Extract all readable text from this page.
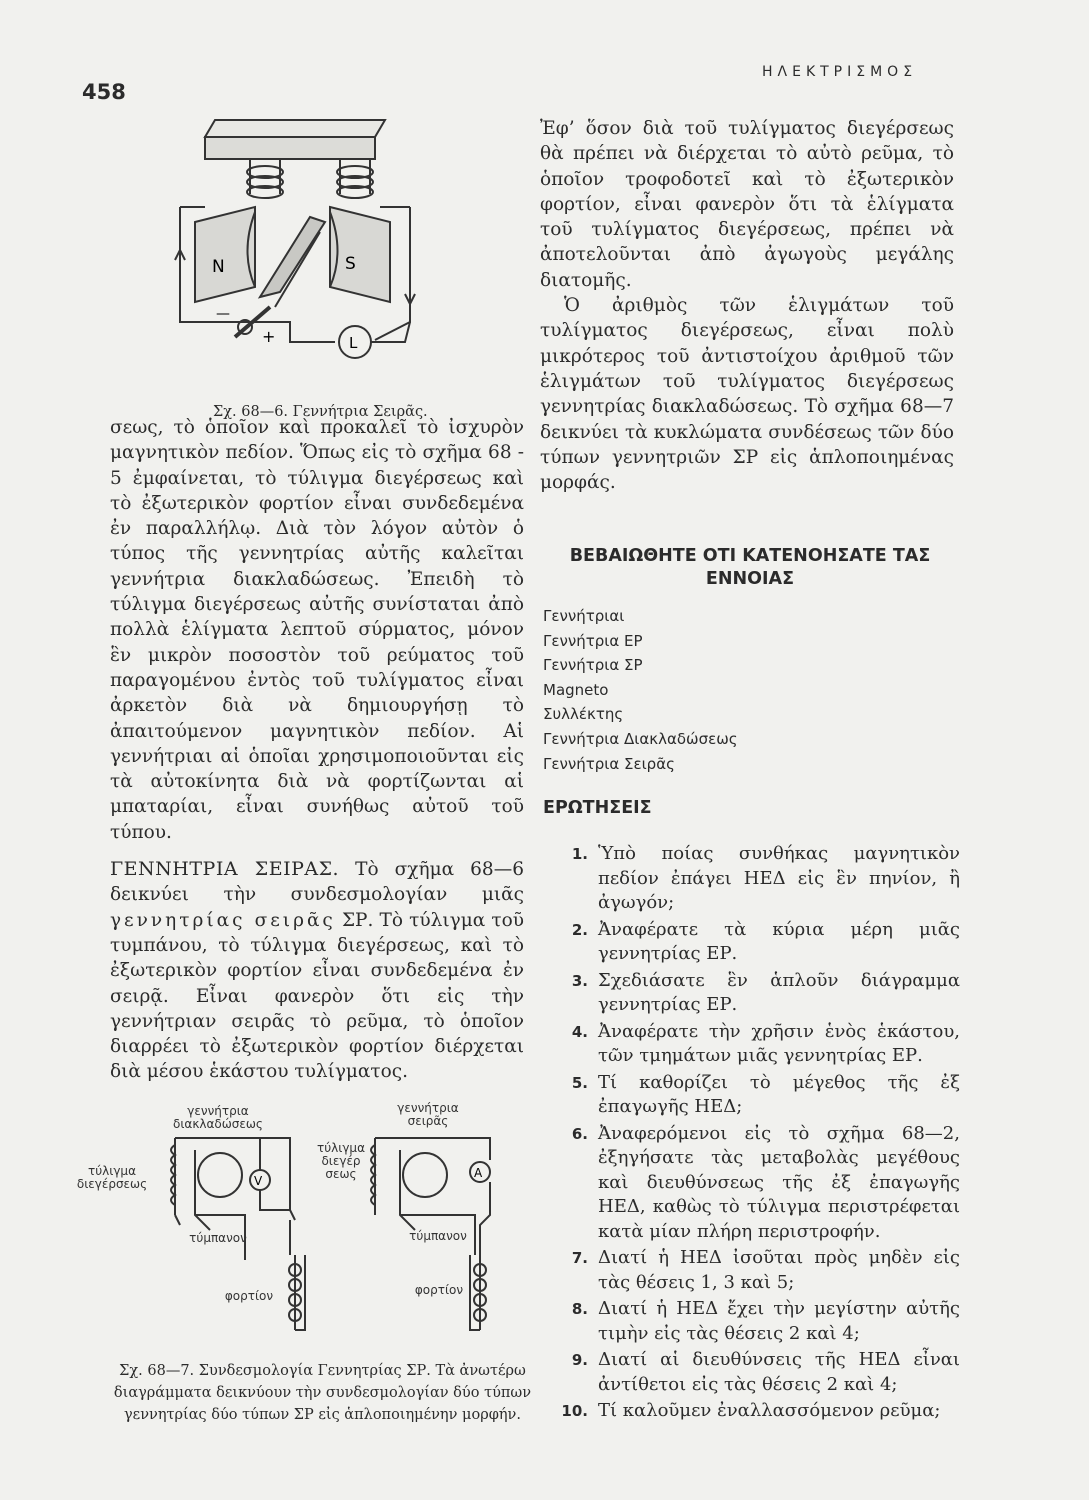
458
ΗΛΕΚΤΡΙΣΜΟΣ
N	S
L
—
+
Σχ. 68—6. Γεννήτρια Σειρᾶς.

σεως, τὸ ὁποῖον καὶ προκαλεῖ τὸ ἰσχυρὸν μαγνητικὸν πεδίον. Ὅπως εἰς τὸ σχῆμα 68 - 5 ἐμφαίνεται, τὸ τύλιγμα διεγέρσεως καὶ τὸ ἐξωτερικὸν φορτίον εἶναι συνδεδεμένα ἐν παραλλήλῳ. Διὰ τὸν λόγον αὐτὸν ὁ τύπος τῆς γεννητρίας αὐτῆς καλεῖται γεννήτρια διακλαδώσεως. Ἐπειδὴ τὸ τύλιγμα διεγέρσεως αὐτῆς συνίσταται ἀπὸ πολλὰ ἑλίγματα λεπτοῦ σύρματος, μόνον ἓν μικρὸν ποσοστὸν τοῦ ρεύματος τοῦ παραγομένου ἐντὸς τοῦ τυλίγματος εἶναι ἀρκετὸν διὰ νὰ δημιουργήσῃ τὸ ἀπαιτούμενον μαγνητικὸν πεδίον. Αἱ γεννήτριαι αἱ ὁποῖαι χρησιμοποιοῦνται εἰς τὰ αὐτοκίνητα διὰ νὰ φορτίζωνται αἱ μπαταρίαι, εἶναι συνήθως αὐτοῦ τοῦ τύπου.

ΓΕΝΝΗΤΡΙΑ ΣΕΙΡΑΣ. Τὸ σχῆμα 68—6 δεικνύει τὴν συνδεσμολογίαν μιᾶς γεννητρίας σειρᾶς ΣΡ. Τὸ τύλιγμα τοῦ τυμπάνου, τὸ τύλιγμα διεγέρσεως, καὶ τὸ ἐξωτερικὸν φορτίον εἶναι συνδεδεμένα ἐν σειρᾷ. Εἶναι φανερὸν ὅτι εἰς τὴν γεννήτριαν σειρᾶς τὸ ρεῦμα, τὸ ὁποῖον διαρρέει τὸ ἐξωτερικὸν φορτίον διέρχεται διὰ μέσου ἑκάστου τυλίγματος.

γεννήτρια διακλαδώσεως
γεννήτρια σειρᾶς
τύλιγμα διεγέρσεως
τύλιγμα διεγέρ σεως
τύμπανον	τύμπανον
φορτίον	φορτίον
V
A
Σχ. 68—7. Συνδεσμολογία Γεννητρίας ΣΡ. Τὰ ἀνωτέρω διαγράμματα δεικνύουν τὴν συνδεσμολογίαν δύο τύπων γεννητρίας δύο τύπων ΣΡ εἰς ἁπλοποιημένην μορφήν.

Ἐφ’ ὅσον διὰ τοῦ τυλίγματος διεγέρσεως θὰ πρέπει νὰ διέρχεται τὸ αὐτὸ ρεῦμα, τὸ ὁποῖον τροφοδοτεῖ καὶ τὸ ἐξωτερικὸν φορτίον, εἶναι φανερὸν ὅτι τὰ ἑλίγματα τοῦ τυλίγματος διεγέρσεως, πρέπει νὰ ἀποτελοῦνται ἀπὸ ἀγωγοὺς μεγάλης διατομῆς.

Ὁ ἀριθμὸς τῶν ἑλιγμάτων τοῦ τυλίγματος διεγέρσεως, εἶναι πολὺ μικρότερος τοῦ ἀντιστοίχου ἀριθμοῦ τῶν ἑλιγμάτων τοῦ τυλίγματος διεγέρσεως γεννητρίας διακλαδώσεως. Τὸ σχῆμα 68—7 δεικνύει τὰ κυκλώματα συνδέσεως τῶν δύο τύπων γεννητριῶν ΣΡ εἰς ἁπλοποιημένας μορφάς.

ΒΕΒΑΙΩΘΗΤΕ ΟΤΙ ΚΑΤΕΝΟΗΣΑΤΕ ΤΑΣ ΕΝΝΟΙΑΣ
Γεννήτριαι
Γεννήτρια ΕΡ
Γεννήτρια ΣΡ
Magneto
Συλλέκτης
Γεννήτρια Διακλαδώσεως
Γεννήτρια Σειρᾶς
ΕΡΩΤΗΣΕΙΣ
1. Ὑπὸ ποίας συνθήκας μαγνητικὸν πεδίον ἐπάγει ΗΕΔ εἰς ἓν πηνίον, ἢ ἀγωγόν;
2. Ἀναφέρατε τὰ κύρια μέρη μιᾶς γεννητρίας ΕΡ.
3. Σχεδιάσατε ἓν ἁπλοῦν διάγραμμα γεννητρίας ΕΡ.
4. Ἀναφέρατε τὴν χρῆσιν ἑνὸς ἑκάστου, τῶν τμημάτων μιᾶς γεννητρίας ΕΡ.
5. Τί καθορίζει τὸ μέγεθος τῆς ἐξ ἐπαγωγῆς ΗΕΔ;
6. Ἀναφερόμενοι εἰς τὸ σχῆμα 68—2, ἐξηγήσατε τὰς μεταβολὰς μεγέθους καὶ διευθύνσεως τῆς ἐξ ἐπαγωγῆς ΗΕΔ, καθὼς τὸ τύλιγμα περιστρέφεται κατὰ μίαν πλήρη περιστροφήν.
7. Διατί ἡ ΗΕΔ ἰσοῦται πρὸς μηδὲν εἰς τὰς θέσεις 1, 3 καὶ 5;
8. Διατί ἡ ΗΕΔ ἔχει τὴν μεγίστην αὐτῆς τιμὴν εἰς τὰς θέσεις 2 καὶ 4;
9. Διατί αἱ διευθύνσεις τῆς ΗΕΔ εἶναι ἀντίθετοι εἰς τὰς θέσεις 2 καὶ 4;
10. Τί καλοῦμεν ἐναλλασσόμενον ρεῦμα;
